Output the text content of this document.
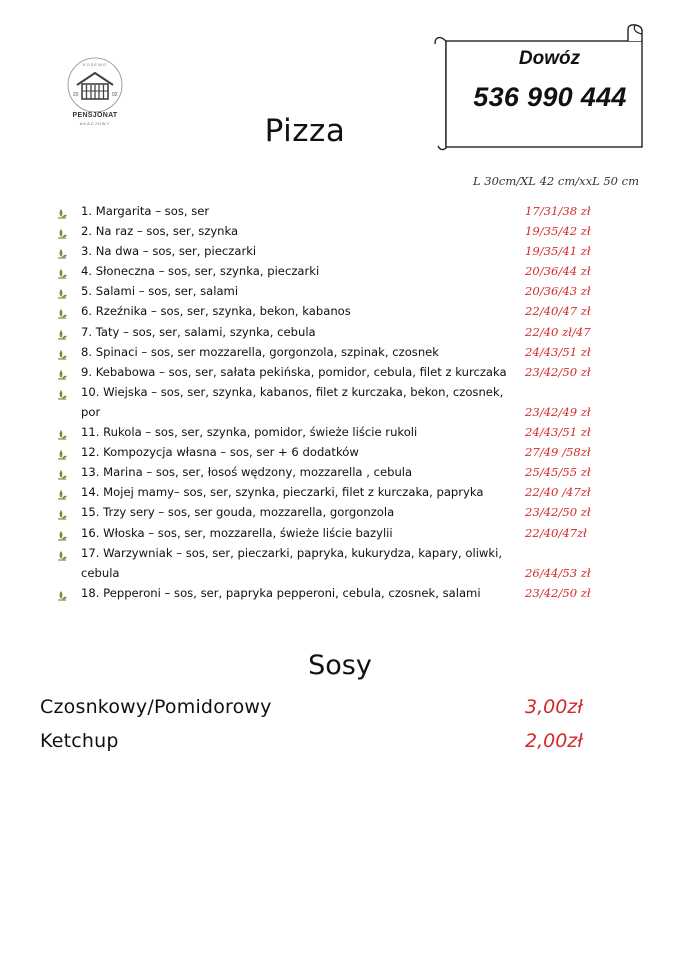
KOSEWO
20	02
PENSJONAT
AKACJOWY
Dowóz
536 990 444
Pizza
L 30cm/XL 42 cm/xxL 50 cm
1. Margarita – sos, ser	17/31/38 zł
2. Na raz – sos, ser, szynka	19/35/42 zł
3. Na dwa – sos, ser, pieczarki	19/35/41 zł
4. Słoneczna – sos, ser, szynka, pieczarki	20/36/44 zł
5. Salami – sos, ser, salami	20/36/43 zł
6. Rzeźnika – sos, ser, szynka, bekon, kabanos	22/40/47 zł
7. Taty – sos, ser, salami, szynka, cebula	22/40 zł/47
8. Spinaci – sos, ser mozzarella, gorgonzola, szpinak, czosnek	24/43/51 zł
9. Kebabowa – sos, ser, sałata pekińska, pomidor, cebula, filet z kurczaka	23/42/50 zł
10. Wiejska – sos, ser, szynka, kabanos, filet z kurczaka, bekon, czosnek, por	23/42/49 zł
11. Rukola – sos, ser, szynka, pomidor, świeże liście rukoli	24/43/51 zł
12. Kompozycja własna – sos, ser + 6 dodatków	27/49 /58zł
13. Marina – sos, ser, łosoś wędzony, mozzarella , cebula	25/45/55 zł
14. Mojej mamy– sos, ser, szynka, pieczarki, filet z kurczaka, papryka	22/40 /47zł
15. Trzy sery – sos, ser gouda, mozzarella, gorgonzola	23/42/50 zł
16. Włoska – sos, ser, mozzarella, świeże liście bazylii	22/40/47zł
17. Warzywniak – sos, ser, pieczarki, papryka, kukurydza, kapary, oliwki, cebula	26/44/53 zł
18. Pepperoni – sos, ser, papryka pepperoni, cebula, czosnek, salami	23/42/50 zł
Sosy
Czosnkowy/Pomidorowy	3,00zł
Ketchup	2,00zł
